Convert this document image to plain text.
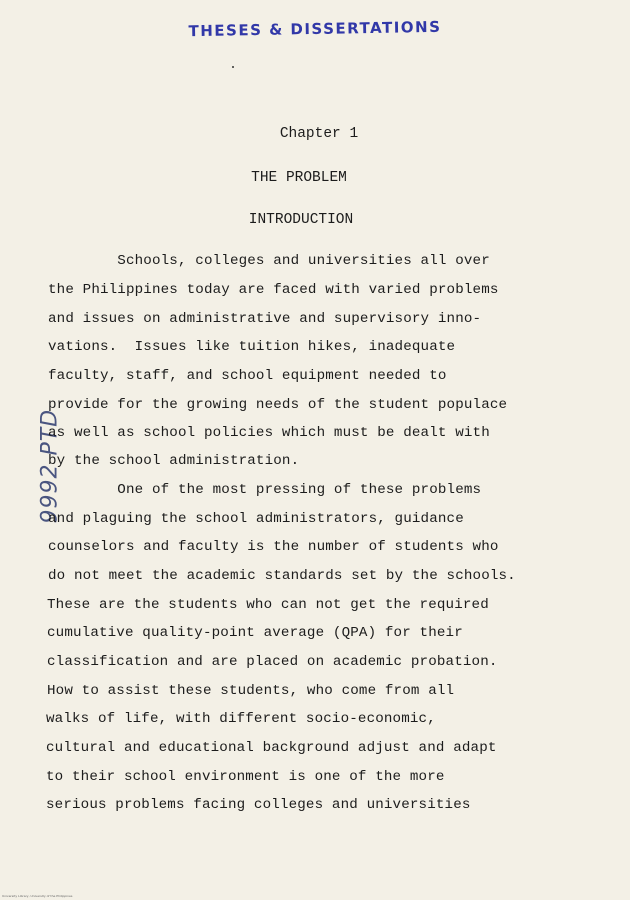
THESES & DISSERTATIONS
Chapter 1
THE PROBLEM
INTRODUCTION
9992 PTD
Schools, colleges and universities all over
the Philippines today are faced with varied problems
and issues on administrative and supervisory inno-
vations.  Issues like tuition hikes, inadequate
faculty, staff, and school equipment needed to
provide for the growing needs of the student populace
as well as school policies which must be dealt with
by the school administration.
One of the most pressing of these problems
and plaguing the school administrators, guidance
counselors and faculty is the number of students who
do not meet the academic standards set by the schools.
These are the students who can not get the required
cumulative quality-point average (QPA) for their
classification and are placed on academic probation.
How to assist these students, who come from all
walks of life, with different socio-economic,
cultural and educational background adjust and adapt
to their school environment is one of the more
serious problems facing colleges and universities
University Library, University of the Philippines
